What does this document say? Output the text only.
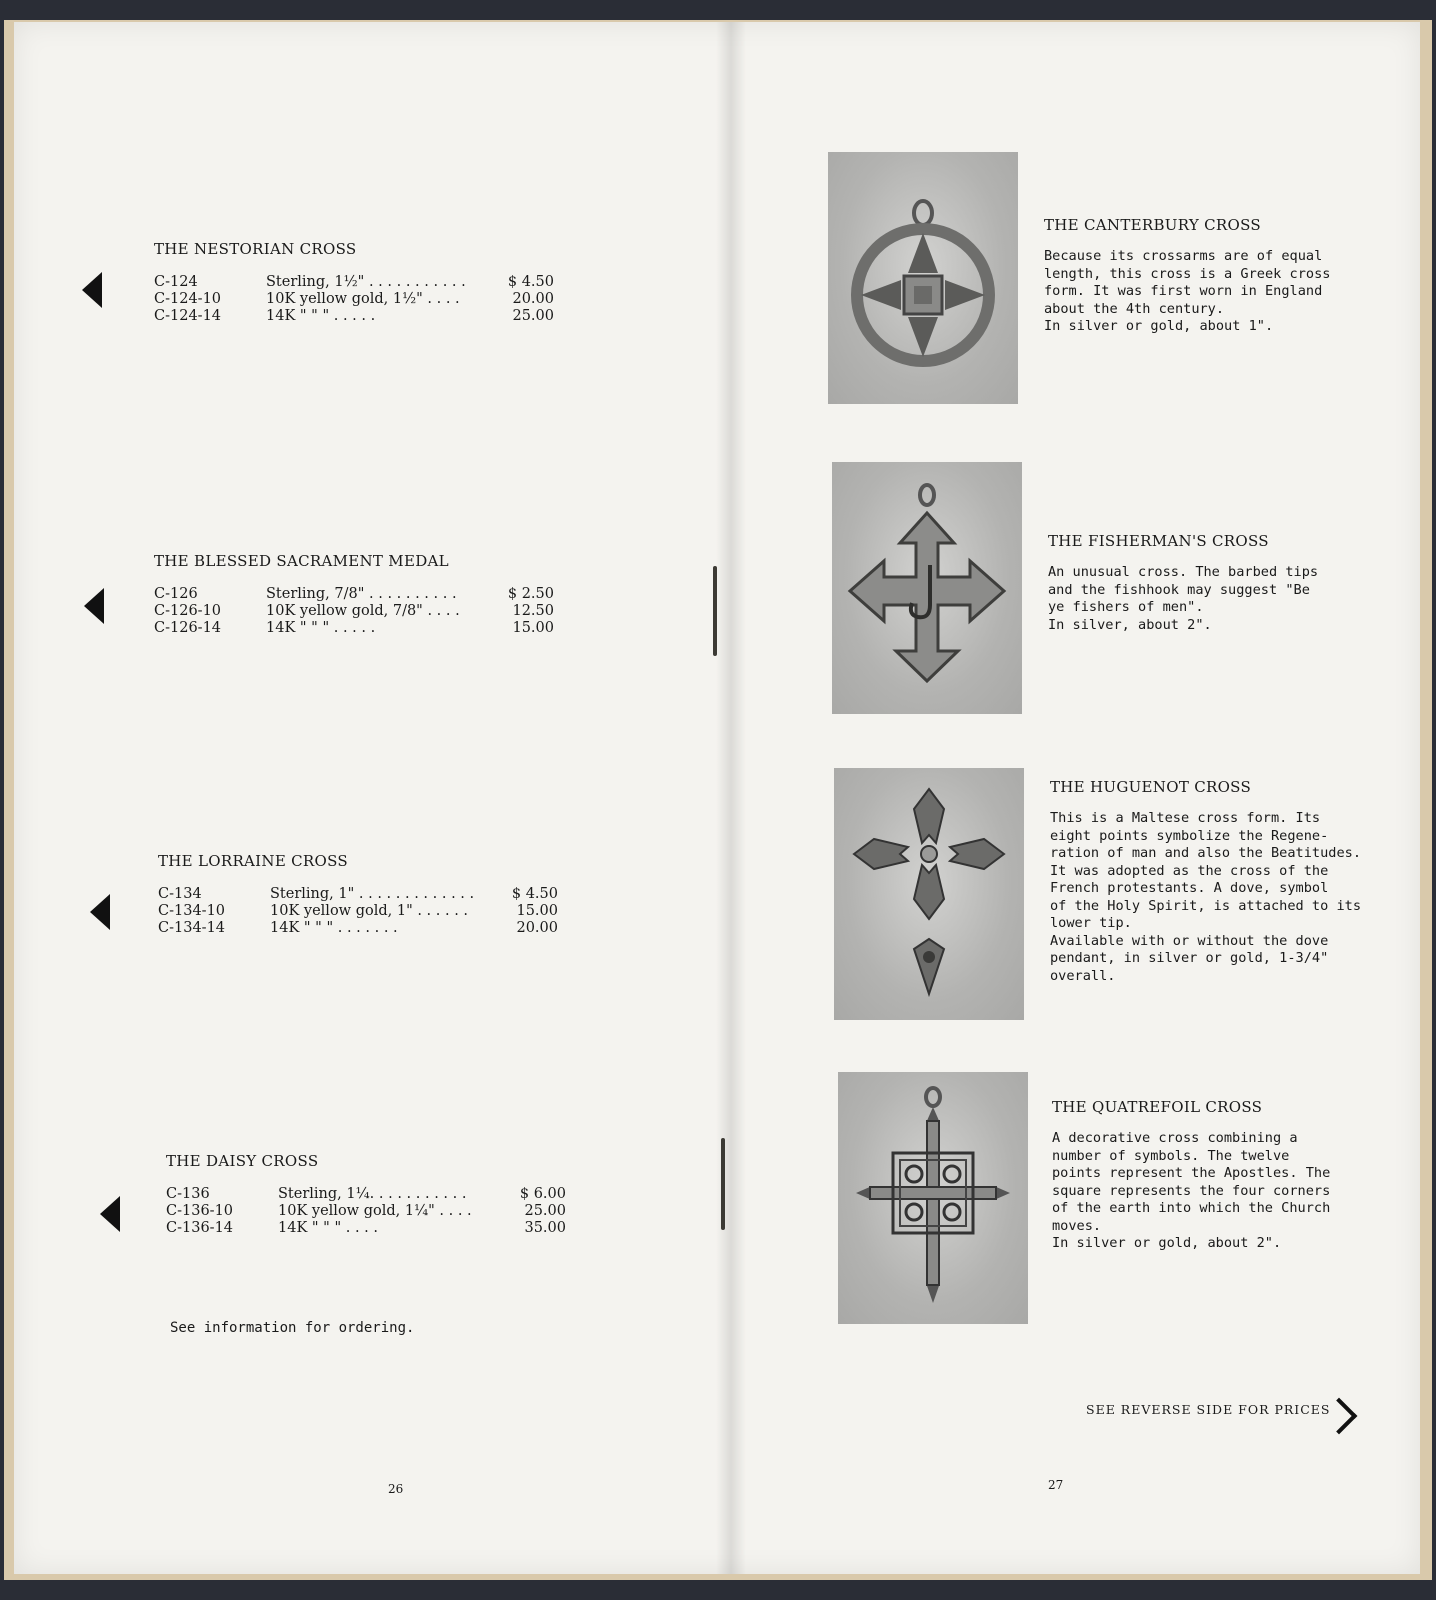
THE NESTORIAN CROSS
C-124	Sterling, 1½" . . . . . . . . . . .	$ 4.50
C-124-10	10K yellow gold, 1½" . . . .	20.00
C-124-14	14K " " " . . . . .	25.00
THE BLESSED SACRAMENT MEDAL
C-126	Sterling, 7/8" . . . . . . . . . .	$ 2.50
C-126-10	10K yellow gold, 7/8" . . . .	12.50
C-126-14	14K " " " . . . . .	15.00
THE LORRAINE CROSS
C-134	Sterling, 1" . . . . . . . . . . . . .	$ 4.50
C-134-10	10K yellow gold, 1" . . . . . .	15.00
C-134-14	14K " " " . . . . . . .	20.00
THE DAISY CROSS
C-136	Sterling, 1¼. . . . . . . . . . .	$ 6.00
C-136-10	10K yellow gold, 1¼" . . . .	25.00
C-136-14	14K " " " . . . .	35.00
See information for ordering.
26
THE CANTERBURY CROSS

Because its crossarms are of equal
length, this cross is a Greek cross
form. It was first worn in England
about the 4th century.
In silver or gold, about 1".

THE FISHERMAN'S CROSS

An unusual cross. The barbed tips
and the fishhook may suggest "Be
ye fishers of men".
In silver, about 2".

THE HUGUENOT CROSS

This is a Maltese cross form. Its
eight points symbolize the Regene-
ration of man and also the Beatitudes.
It was adopted as the cross of the
French protestants. A dove, symbol
of the Holy Spirit, is attached to its
lower tip.
Available with or without the dove
pendant, in silver or gold, 1-3/4"
overall.

THE QUATREFOIL CROSS

A decorative cross combining a
number of symbols. The twelve
points represent the Apostles. The
square represents the four corners
of the earth into which the Church
moves.
In silver or gold, about 2".

SEE REVERSE SIDE FOR PRICES
27
